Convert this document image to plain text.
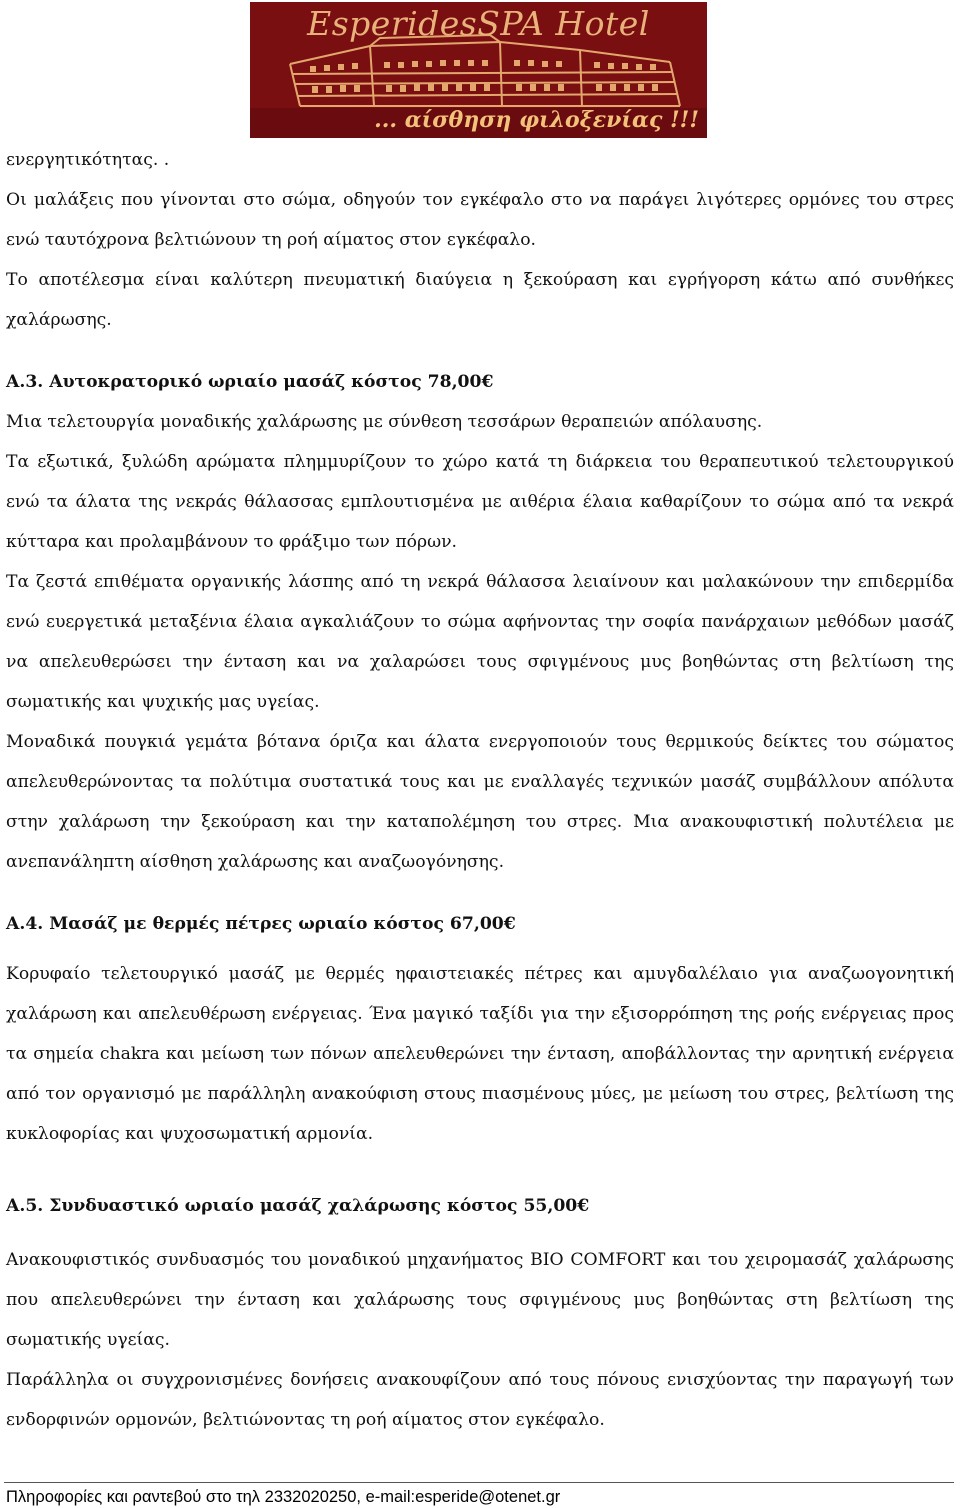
EsperidesSPA Hotel
... αίσθηση φιλοξενίας !!!

ενεργητικότητας. .

Οι μαλάξεις που γίνονται στο σώμα, οδηγούν τον εγκέφαλο στο να παράγει λιγότερες ορμόνες του στρες ενώ ταυτόχρονα βελτιώνουν τη ροή αίματος στον εγκέφαλο.

Το αποτέλεσμα είναι καλύτερη πνευματική διαύγεια η ξεκούραση και εγρήγορση κάτω από συνθήκες χαλάρωσης.

Α.3. Αυτοκρατορικό ωριαίο μασάζ κόστος 78,00€

Μια τελετουργία μοναδικής χαλάρωσης με σύνθεση τεσσάρων θεραπειών απόλαυσης.

Τα εξωτικά, ξυλώδη αρώματα πλημμυρίζουν το χώρο κατά τη διάρκεια του θεραπευτικού τελετουργικού ενώ τα άλατα της νεκράς θάλασσας εμπλουτισμένα με αιθέρια έλαια καθαρίζουν το σώμα από τα νεκρά κύτταρα και προλαμβάνουν το φράξιμο των πόρων.

Τα ζεστά επιθέματα οργανικής λάσπης από τη νεκρά θάλασσα λειαίνουν και μαλακώνουν την επιδερμίδα ενώ ευεργετικά μεταξένια έλαια αγκαλιάζουν το σώμα αφήνοντας την σοφία πανάρχαιων μεθόδων μασάζ να απελευθερώσει την ένταση και να χαλαρώσει τους σφιγμένους μυς βοηθώντας στη βελτίωση της σωματικής και ψυχικής μας υγείας.

Μοναδικά πουγκιά γεμάτα βότανα όριζα και άλατα ενεργοποιούν τους θερμικούς δείκτες του σώματος απελευθερώνοντας τα πολύτιμα συστατικά τους και με εναλλαγές τεχνικών μασάζ συμβάλλουν απόλυτα στην χαλάρωση την ξεκούραση και την καταπολέμηση του στρες. Μια ανακουφιστική πολυτέλεια με ανεπανάληπτη αίσθηση χαλάρωσης και αναζωογόνησης.

Α.4. Μασάζ με θερμές πέτρες ωριαίο κόστος 67,00€

Κορυφαίο τελετουργικό μασάζ με θερμές ηφαιστειακές πέτρες και αμυγδαλέλαιο για αναζωογονητική χαλάρωση και απελευθέρωση ενέργειας. Ένα μαγικό ταξίδι για την εξισορρόπηση της ροής ενέργειας προς τα σημεία chakra και μείωση των πόνων απελευθερώνει την ένταση, αποβάλλοντας την αρνητική ενέργεια από τον οργανισμό με παράλληλη ανακούφιση στους πιασμένους μύες, με μείωση του στρες, βελτίωση της κυκλοφορίας και ψυχοσωματική αρμονία.

Α.5. Συνδυαστικό ωριαίο μασάζ χαλάρωσης κόστος 55,00€

Ανακουφιστικός συνδυασμός του μοναδικού μηχανήματος BIO COMFORT και του χειρομασάζ χαλάρωσης που απελευθερώνει την ένταση και χαλάρωσης τους σφιγμένους μυς βοηθώντας στη βελτίωση της σωματικής υγείας.

Παράλληλα οι συγχρονισμένες δονήσεις ανακουφίζουν από τους πόνους ενισχύοντας την παραγωγή των ενδορφινών ορμονών, βελτιώνοντας τη ροή αίματος στον εγκέφαλο.

Πληροφορίες και ραντεβού στο τηλ 2332020250, e-mail:esperide@otenet.gr
